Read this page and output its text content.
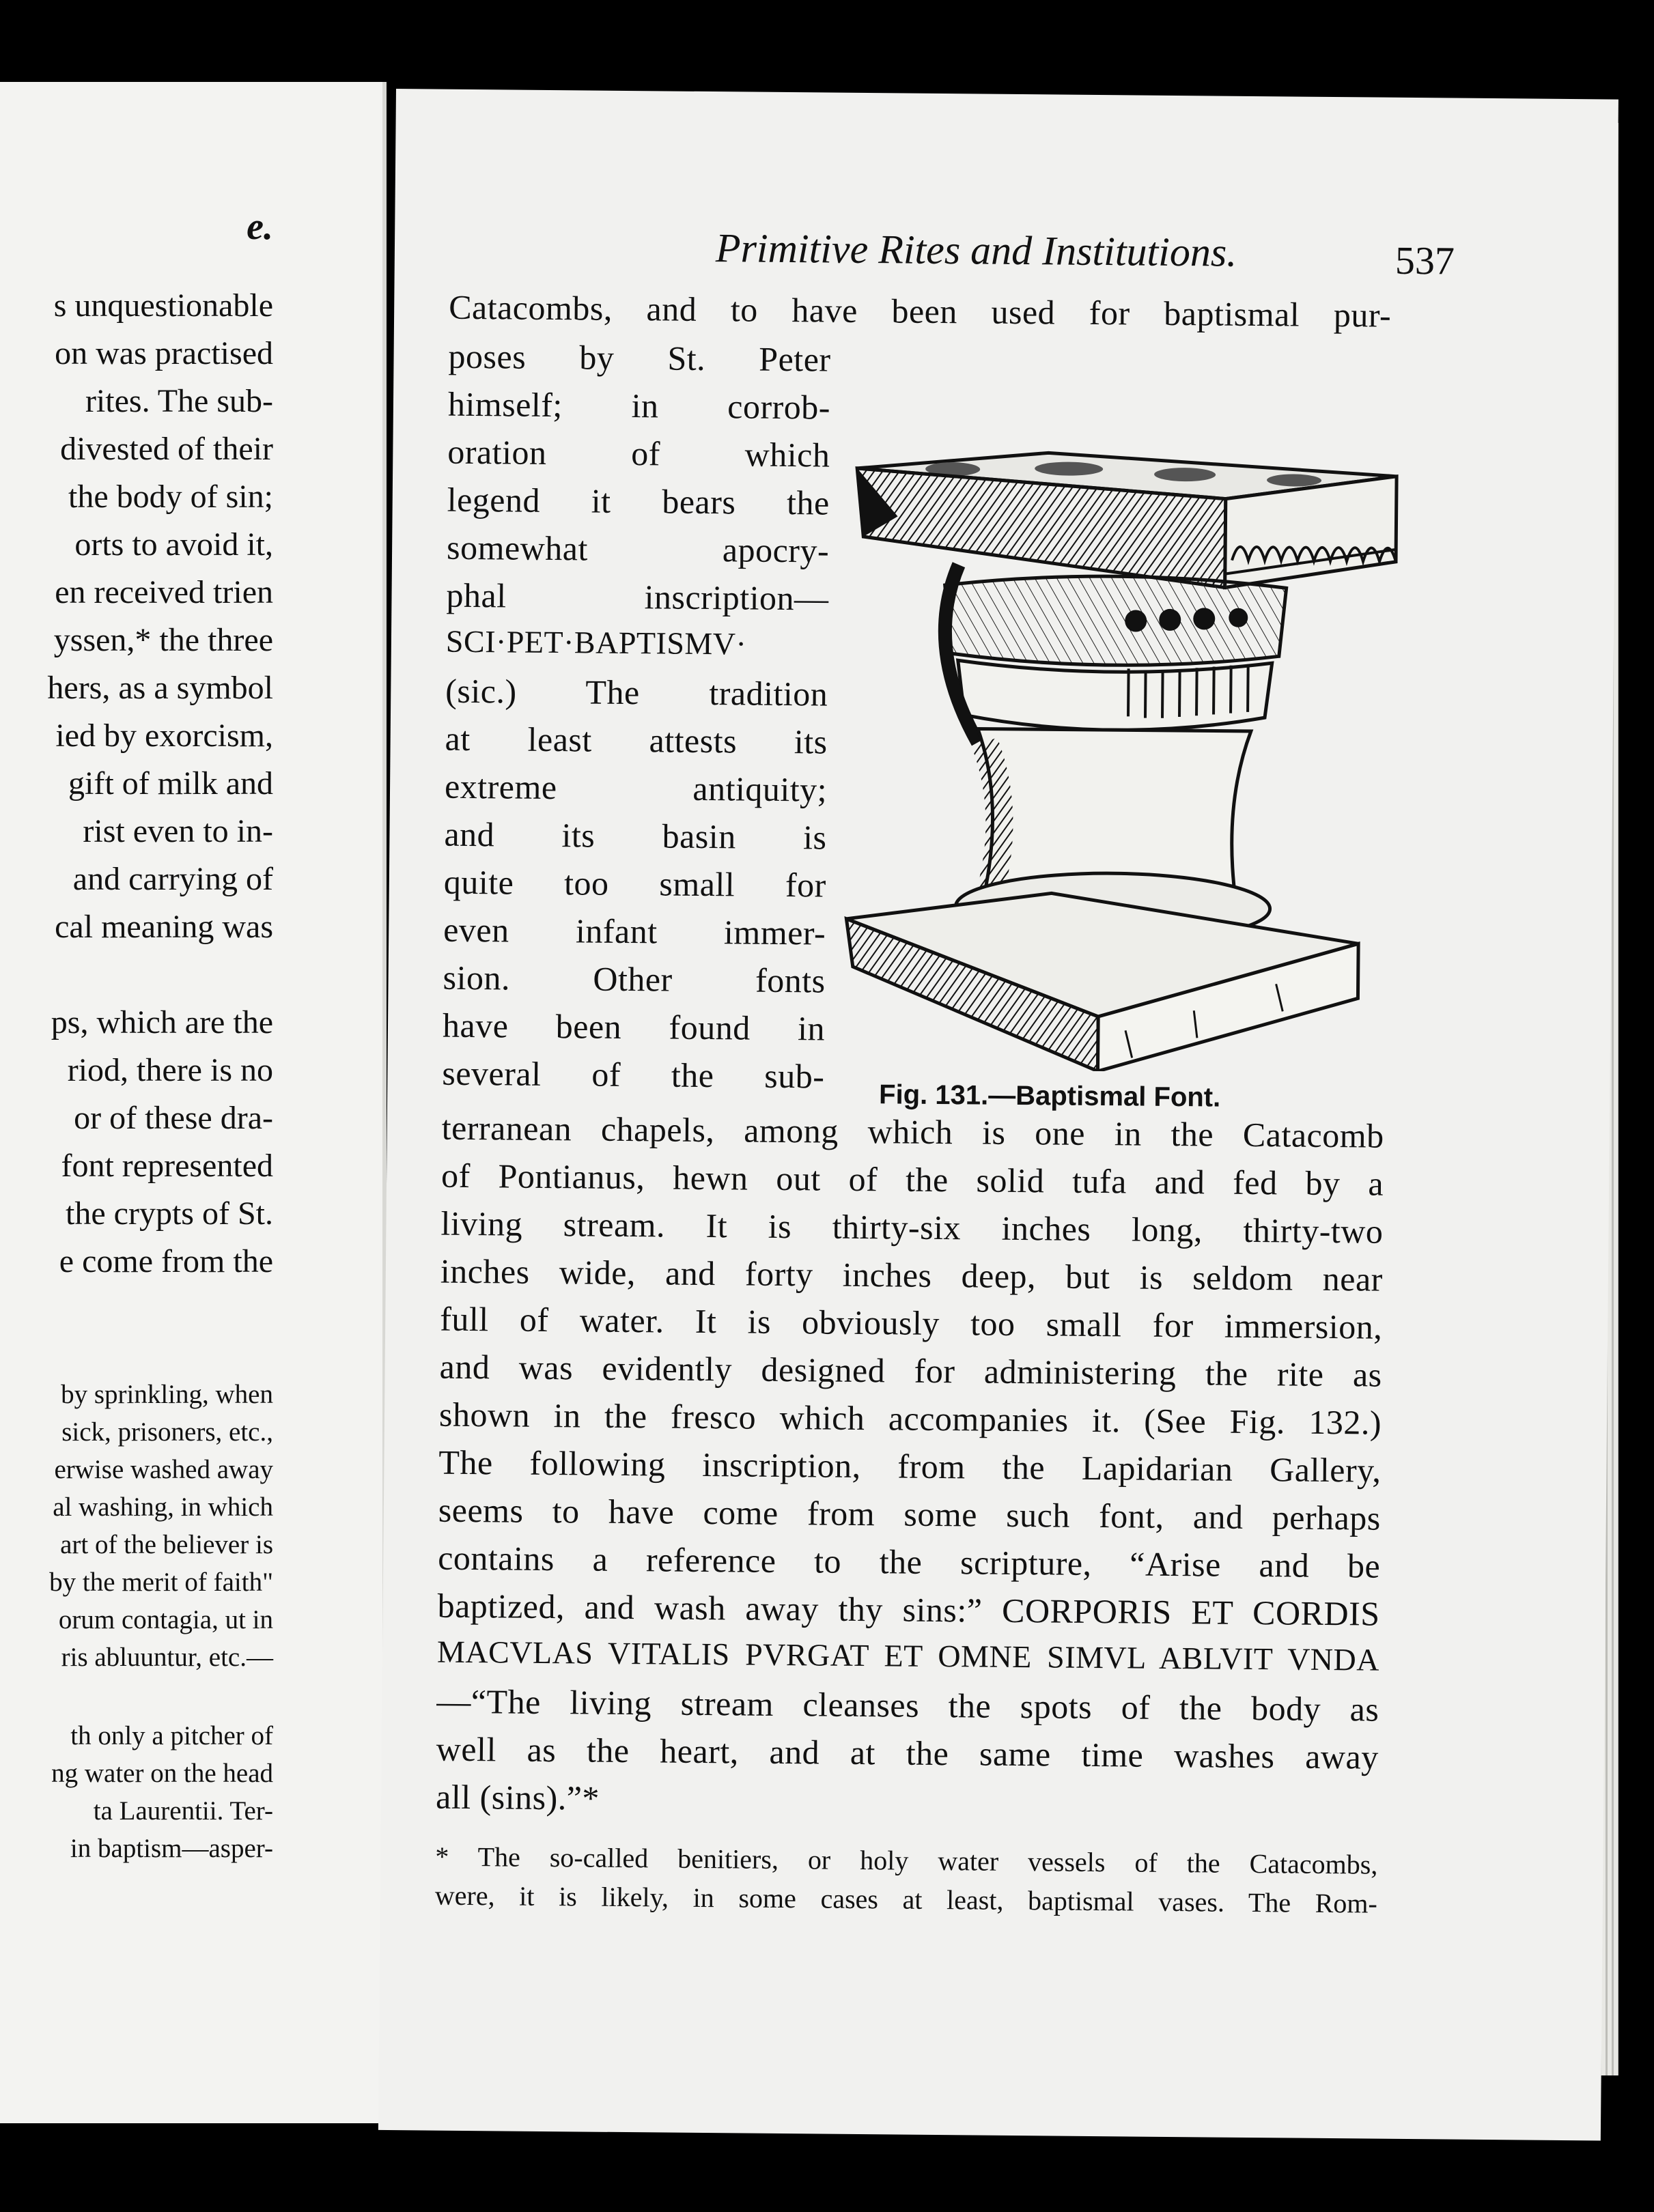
e.
s unquestionable
on was practised
rites. The sub-
divested of their
the body of sin;
orts to avoid it,
en received trien
yssen,* the three
hers, as a symbol
ied by exorcism,
gift of milk and
rist even to in-
and carrying of
cal meaning was
ps, which are the
riod, there is no
or of these dra-
font represented
the crypts of St.
e come from the
by sprinkling, when
sick, prisoners, etc.,
erwise washed away
al washing, in which
art of the believer is
by the merit of faith"
orum contagia, ut in
ris abluuntur, etc.—
th only a pitcher of
ng water on the head
ta Laurentii. Ter-
in baptism—asper-
Primitive Rites and Institutions.	537
Catacombs, and to have been used for baptismal pur-
poses by St. Peter
himself; in corrob-
oration of which
legend it bears the
somewhat apocry-
phal inscription—
SCI·PET·BAPTISMV·
(sic.) The tradition
at least attests its
extreme antiquity;
and its basin is
quite too small for
even infant immer-
sion. Other fonts
have been found in
several of the sub-
Fig. 131.—Baptismal Font.
terranean chapels, among which is one in the Catacomb
of Pontianus, hewn out of the solid tufa and fed by a
living stream. It is thirty-six inches long, thirty-two
inches wide, and forty inches deep, but is seldom near
full of water. It is obviously too small for immersion,
and was evidently designed for administering the rite as
shown in the fresco which accompanies it. (See Fig. 132.)
The following inscription, from the Lapidarian Gallery,
seems to have come from some such font, and perhaps
contains a reference to the scripture, “Arise and be
baptized, and wash away thy sins:” CORPORIS ET CORDIS
MACVLAS VITALIS PVRGAT ET OMNE SIMVL ABLVIT VNDA
—“The living stream cleanses the spots of the body as
well as the heart, and at the same time washes away
all (sins).”*
* The so-called benitiers, or holy water vessels of the Catacombs,
were, it is likely, in some cases at least, baptismal vases. The Rom-
